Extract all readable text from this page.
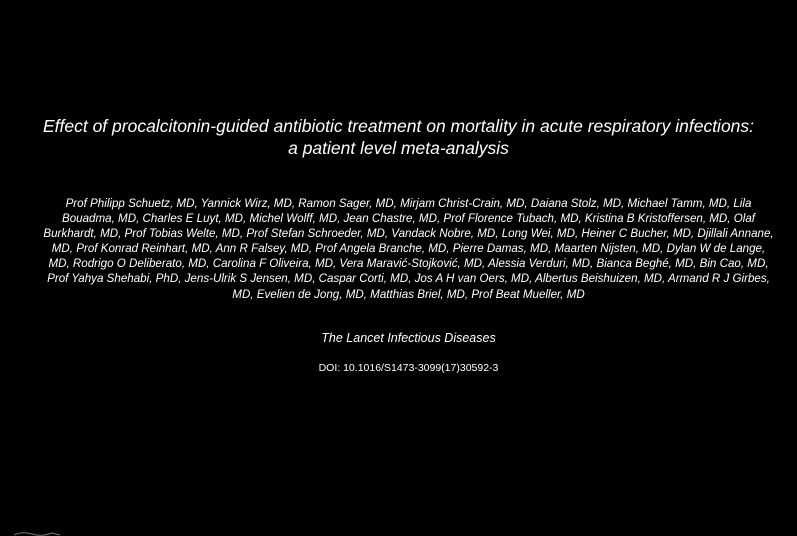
Effect of procalcitonin-guided antibiotic treatment on mortality in acute respiratory infections: a patient level meta-analysis

Prof Philipp Schuetz, MD, Yannick Wirz, MD, Ramon Sager, MD, Mirjam Christ-Crain, MD, Daiana Stolz, MD, Michael Tamm, MD, Lila Bouadma, MD, Charles E Luyt, MD, Michel Wolff, MD, Jean Chastre, MD, Prof Florence Tubach, MD, Kristina B Kristoffersen, MD, Olaf Burkhardt, MD, Prof Tobias Welte, MD, Prof Stefan Schroeder, MD, Vandack Nobre, MD, Long Wei, MD, Heiner C Bucher, MD, Djillali Annane, MD, Prof Konrad Reinhart, MD, Ann R Falsey, MD, Prof Angela Branche, MD, Pierre Damas, MD, Maarten Nijsten, MD, Dylan W de Lange, MD, Rodrigo O Deliberato, MD, Carolina F Oliveira, MD, Vera Maravić-Stojković, MD, Alessia Verduri, MD, Bianca Beghé, MD, Bin Cao, MD, Prof Yahya Shehabi, PhD, Jens-Ulrik S Jensen, MD, Caspar Corti, MD, Jos A H van Oers, MD, Albertus Beishuizen, MD, Armand R J Girbes, MD, Evelien de Jong, MD, Matthias Briel, MD, Prof Beat Mueller, MD

The Lancet Infectious Diseases

DOI: 10.1016/S1473-3099(17)30592-3
